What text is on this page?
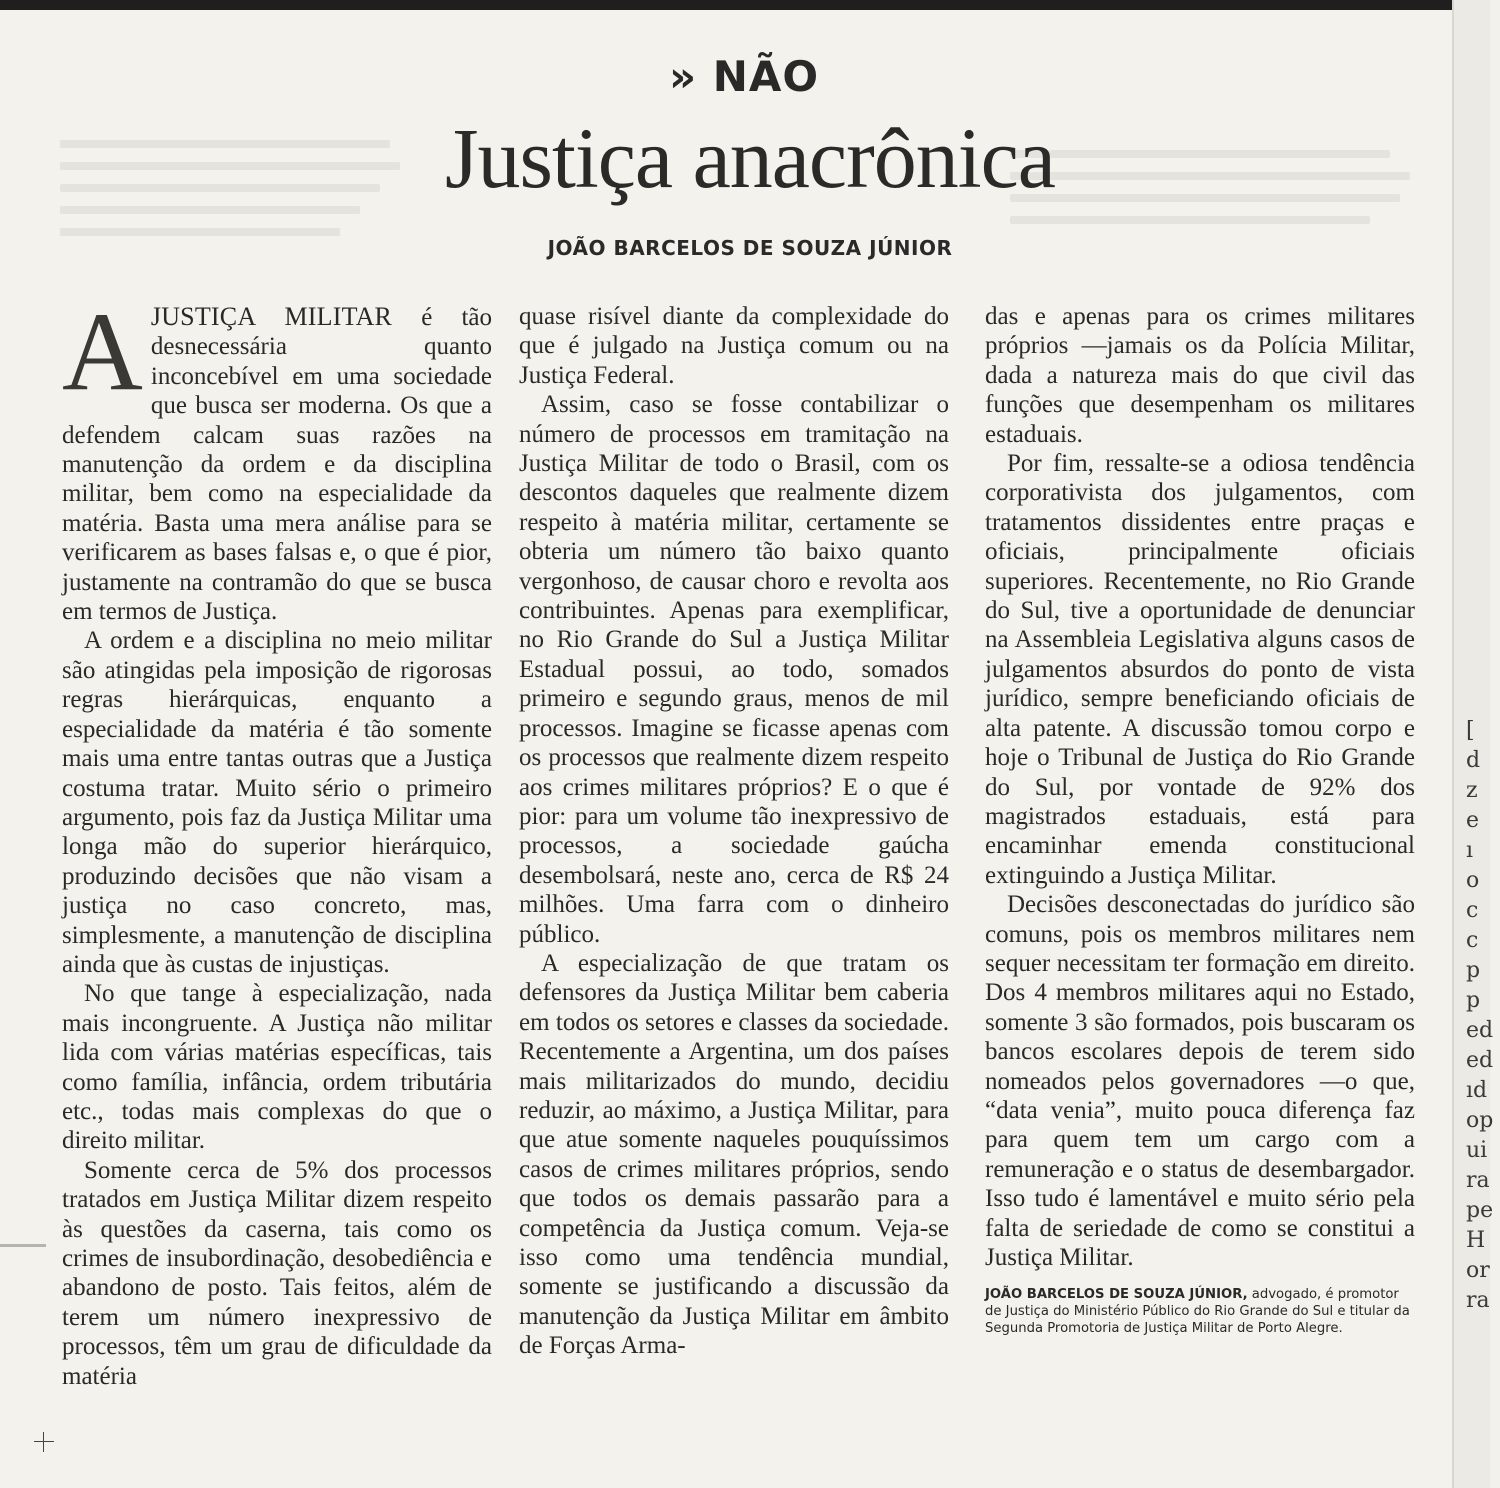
» NÃO
Justiça anacrônica
JOÃO BARCELOS DE SOUZA JÚNIOR

AJUSTIÇA MILITAR é tão desnecessária quanto inconcebível em uma sociedade que busca ser moderna. Os que a defendem calcam suas razões na manutenção da ordem e da disciplina militar, bem como na especialidade da matéria. Basta uma mera análise para se verificarem as bases falsas e, o que é pior, justamente na contramão do que se busca em termos de Justiça.

A ordem e a disciplina no meio militar são atingidas pela imposição de rigorosas regras hierárquicas, enquanto a especialidade da matéria é tão somente mais uma entre tantas outras que a Justiça costuma tratar. Muito sério o primeiro argumento, pois faz da Justiça Militar uma longa mão do superior hierárquico, produzindo decisões que não visam a justiça no caso concreto, mas, simplesmente, a manutenção de disciplina ainda que às custas de injustiças.

No que tange à especialização, nada mais incongruente. A Justiça não militar lida com várias matérias específicas, tais como família, infância, ordem tributária etc., todas mais complexas do que o direito militar.

Somente cerca de 5% dos processos tratados em Justiça Militar dizem respeito às questões da caserna, tais como os crimes de insubordinação, desobediência e abandono de posto. Tais feitos, além de terem um número inexpressivo de processos, têm um grau de dificuldade da matéria

quase risível diante da complexidade do que é julgado na Justiça comum ou na Justiça Federal.

Assim, caso se fosse contabilizar o número de processos em tramitação na Justiça Militar de todo o Brasil, com os descontos daqueles que realmente dizem respeito à matéria militar, certamente se obteria um número tão baixo quanto vergonhoso, de causar choro e revolta aos contribuintes. Apenas para exemplificar, no Rio Grande do Sul a Justiça Militar Estadual possui, ao todo, somados primeiro e segundo graus, menos de mil processos. Imagine se ficasse apenas com os processos que realmente dizem respeito aos crimes militares próprios? E o que é pior: para um volume tão inexpressivo de processos, a sociedade gaúcha desembolsará, neste ano, cerca de R$ 24 milhões. Uma farra com o dinheiro público.

A especialização de que tratam os defensores da Justiça Militar bem caberia em todos os setores e classes da sociedade. Recentemente a Argentina, um dos países mais militarizados do mundo, decidiu reduzir, ao máximo, a Justiça Militar, para que atue somente naqueles pouquíssimos casos de crimes militares próprios, sendo que todos os demais passarão para a competência da Justiça comum. Veja-se isso como uma tendência mundial, somente se justificando a discussão da manutenção da Justiça Militar em âmbito de Forças Arma-

das e apenas para os crimes militares próprios —jamais os da Polícia Militar, dada a natureza mais do que civil das funções que desempenham os militares estaduais.

Por fim, ressalte-se a odiosa tendência corporativista dos julgamentos, com tratamentos dissidentes entre praças e oficiais, principalmente oficiais superiores. Recentemente, no Rio Grande do Sul, tive a oportunidade de denunciar na Assembleia Legislativa alguns casos de julgamentos absurdos do ponto de vista jurídico, sempre beneficiando oficiais de alta patente. A discussão tomou corpo e hoje o Tribunal de Justiça do Rio Grande do Sul, por vontade de 92% dos magistrados estaduais, está para encaminhar emenda constitucional extinguindo a Justiça Militar.

Decisões desconectadas do jurídico são comuns, pois os membros militares nem sequer necessitam ter formação em direito. Dos 4 membros militares aqui no Estado, somente 3 são formados, pois buscaram os bancos escolares depois de terem sido nomeados pelos governadores —o que, “data venia”, muito pouca diferença faz para quem tem um cargo com a remuneração e o status de desembargador. Isso tudo é lamentável e muito sério pela falta de seriedade de como se constitui a Justiça Militar.

JOÃO BARCELOS DE SOUZA JÚNIOR, advogado, é promotor de Justiça do Ministério Público do Rio Grande do Sul e titular da Segunda Promotoria de Justiça Militar de Porto Alegre.
[
d
z
e
ı
o
c
c
p
p
ed
ed
ıd
op
ui
ra
pe
H
or
ra
